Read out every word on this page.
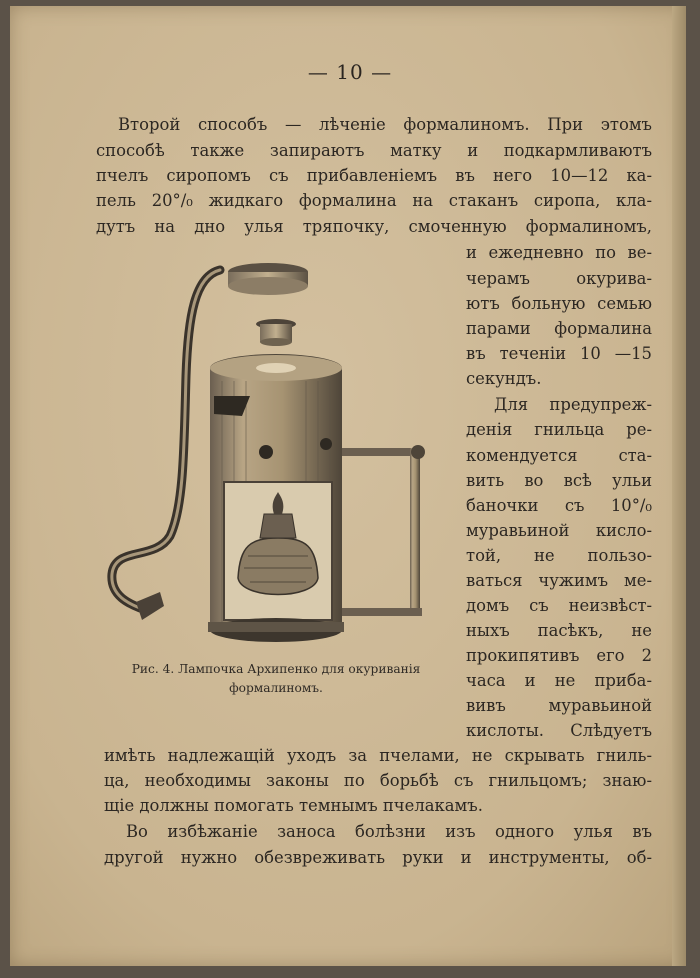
— 10 —
Второй способъ — лѣченіе формалиномъ. При этомъ
способѣ также запираютъ матку и подкармливаютъ
пчелъ сиропомъ съ прибавленіемъ въ него 10—12 ка-
пель 20°/₀ жидкаго формалина на стаканъ сиропа, кла-
дутъ на дно улья тряпочку, смоченную формалиномъ,
и ежедневно по ве-
черамъ окурива-
ютъ больную семью
парами формалина
въ теченіи 10 —15
секундъ.
Для предупреж-
денія гнильца ре-
комендуется ста-
вить во всѣ ульи
баночки съ 10°/₀
муравьиной кисло-
той, не пользо-
ваться чужимъ ме-
домъ съ неизвѣст-
ныхъ пасѣкъ, не
прокипятивъ его 2
часа и не приба-
вивъ муравьиной
кислоты. Слѣдуетъ
Рис. 4. Лампочка Архипенко для окуриванія
формалиномъ.
имѣть надлежащій уходъ за пчелами, не скрывать гниль-
ца, необходимы законы по борьбѣ съ гнильцомъ; знаю-
щіе должны помогать темнымъ пчелакамъ.
Во избѣжаніе заноса болѣзни изъ одного улья въ
другой нужно обезвреживать руки и инструменты, об-
